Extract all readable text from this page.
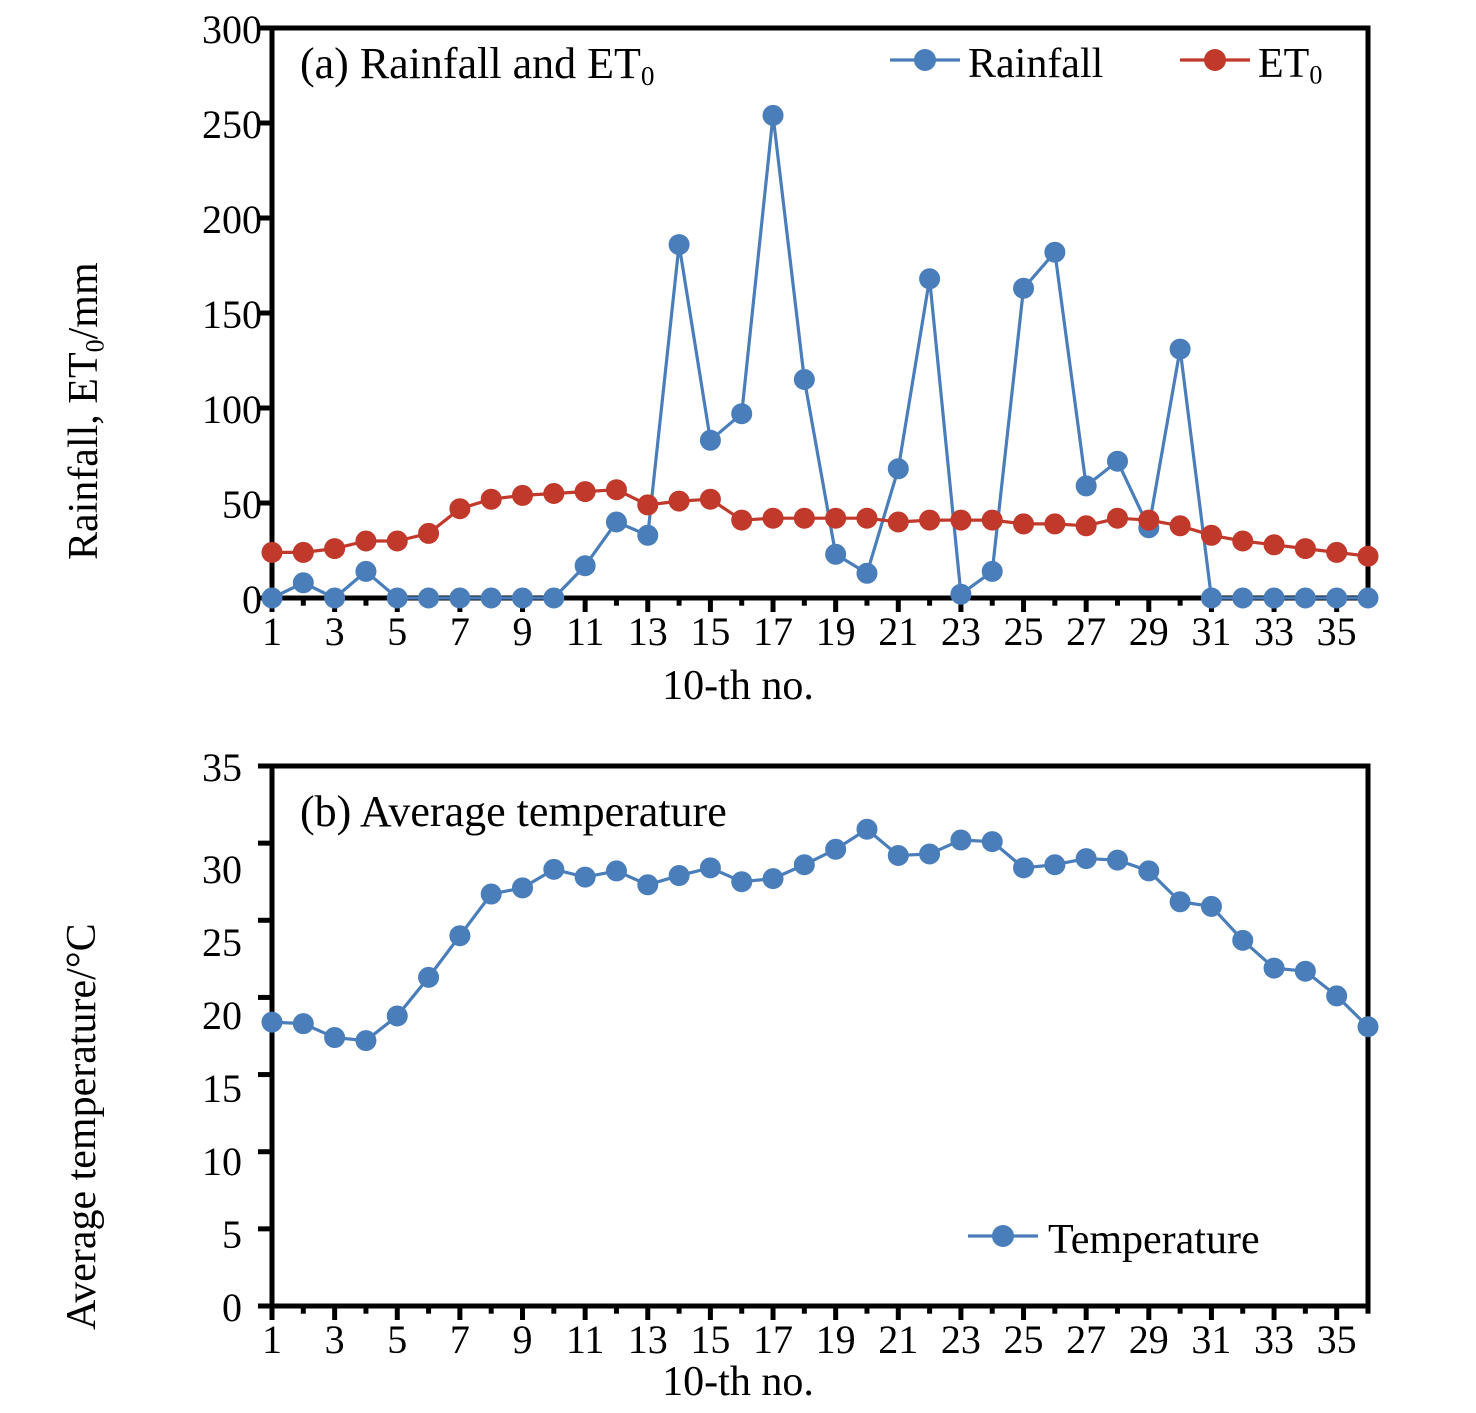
0
50
100
150
200
250
300
Rainfall, $ET_0/mm$
(a) Rainfall and $ET_0$	Rainfall	$ET_0$
10-th no.
1	3	5	7	9 11 13 15 17 19 21 23 25 27 29 31 33 35
0
5
10
15
20
25
30
35
Average temperature/°C
(b) Average temperature
Temperature
10-th no.
1	3	5	7	9 11 13 15 17 19 21 23 25 27 29 31 33 35
